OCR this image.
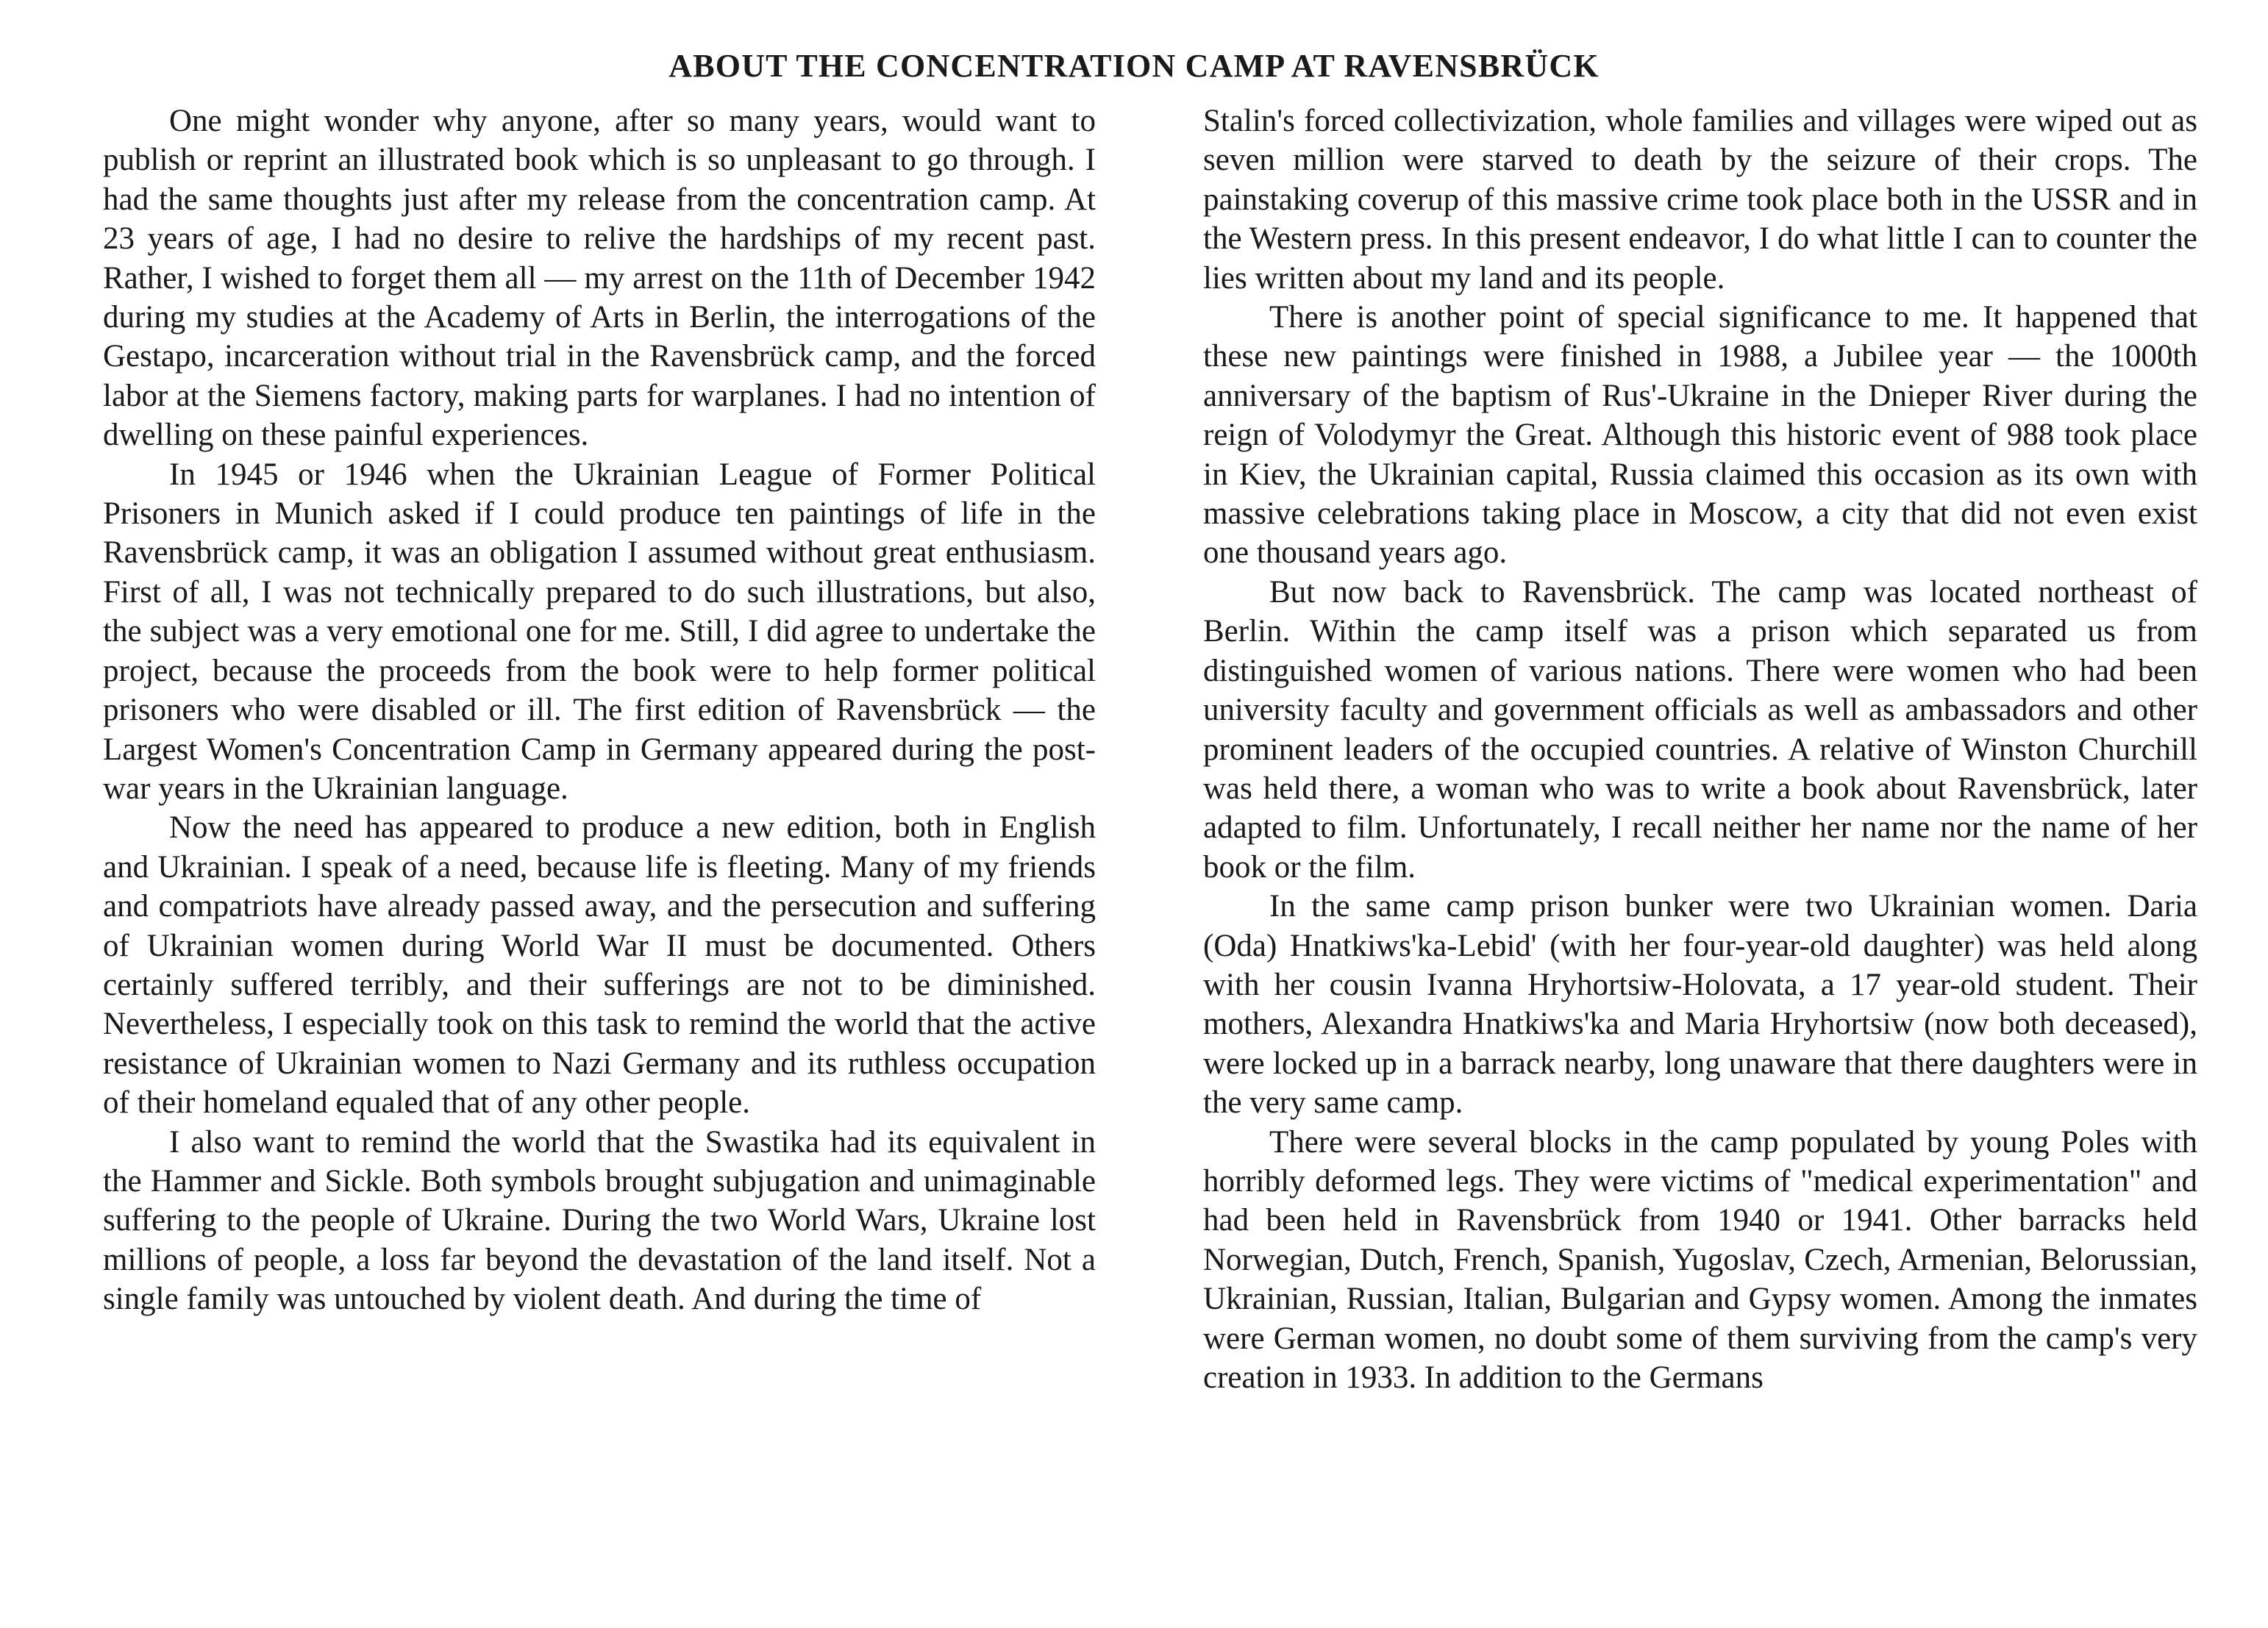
ABOUT THE CONCENTRATION CAMP AT RAVENSBRÜCK

One might wonder why anyone, after so many years, would want to publish or reprint an illustrated book which is so unpleasant to go through. I had the same thoughts just after my release from the concentration camp. At 23 years of age, I had no desire to relive the hardships of my recent past. Rather, I wished to forget them all — my arrest on the 11th of December 1942 during my studies at the Academy of Arts in Berlin, the interrogations of the Gestapo, incarceration without trial in the Ravensbrück camp, and the forced labor at the Siemens factory, making parts for warplanes. I had no intention of dwelling on these painful experiences.

In 1945 or 1946 when the Ukrainian League of Former Political Prisoners in Munich asked if I could produce ten paintings of life in the Ravensbrück camp, it was an obligation I assumed without great enthusiasm. First of all, I was not technically prepared to do such illustrations, but also, the subject was a very emotional one for me. Still, I did agree to undertake the project, because the proceeds from the book were to help former political prisoners who were disabled or ill. The first edition of Ravensbrück — the Largest Women's Concentration Camp in Germany appeared during the post-war years in the Ukrainian language.

Now the need has appeared to produce a new edition, both in English and Ukrainian. I speak of a need, because life is fleeting. Many of my friends and compatriots have already passed away, and the persecution and suffering of Ukrainian women during World War II must be documented. Others certainly suffered terribly, and their sufferings are not to be diminished. Nevertheless, I especially took on this task to remind the world that the active resistance of Ukrainian women to Nazi Germany and its ruthless occupation of their homeland equaled that of any other people.

I also want to remind the world that the Swastika had its equivalent in the Hammer and Sickle. Both symbols brought subjugation and unimaginable suffering to the people of Ukraine. During the two World Wars, Ukraine lost millions of people, a loss far beyond the devastation of the land itself. Not a single family was untouched by violent death. And during the time of

Stalin's forced collectivization, whole families and villages were wiped out as seven million were starved to death by the seizure of their crops. The painstaking coverup of this massive crime took place both in the USSR and in the Western press. In this present endeavor, I do what little I can to counter the lies written about my land and its people.

There is another point of special significance to me. It happened that these new paintings were finished in 1988, a Jubilee year — the 1000th anniversary of the baptism of Rus'-Ukraine in the Dnieper River during the reign of Volodymyr the Great. Although this historic event of 988 took place in Kiev, the Ukrainian capital, Russia claimed this occasion as its own with massive celebrations taking place in Moscow, a city that did not even exist one thousand years ago.

But now back to Ravensbrück. The camp was located northeast of Berlin. Within the camp itself was a prison which separated us from distinguished women of various nations. There were women who had been university faculty and government officials as well as ambassadors and other prominent leaders of the occupied countries. A relative of Winston Churchill was held there, a woman who was to write a book about Ravensbrück, later adapted to film. Unfortunately, I recall neither her name nor the name of her book or the film.

In the same camp prison bunker were two Ukrainian women. Daria (Oda) Hnatkiws'ka-Lebid' (with her four-year-old daughter) was held along with her cousin Ivanna Hryhortsiw-Holovata, a 17 year-old student. Their mothers, Alexandra Hnatkiws'ka and Maria Hryhortsiw (now both deceased), were locked up in a barrack nearby, long unaware that there daughters were in the very same camp.

There were several blocks in the camp populated by young Poles with horribly deformed legs. They were victims of "medical experimentation" and had been held in Ravensbrück from 1940 or 1941. Other barracks held Norwegian, Dutch, French, Spanish, Yugoslav, Czech, Armenian, Belorussian, Ukrainian, Russian, Italian, Bulgarian and Gypsy women. Among the inmates were German women, no doubt some of them surviving from the camp's very creation in 1933. In addition to the Germans
